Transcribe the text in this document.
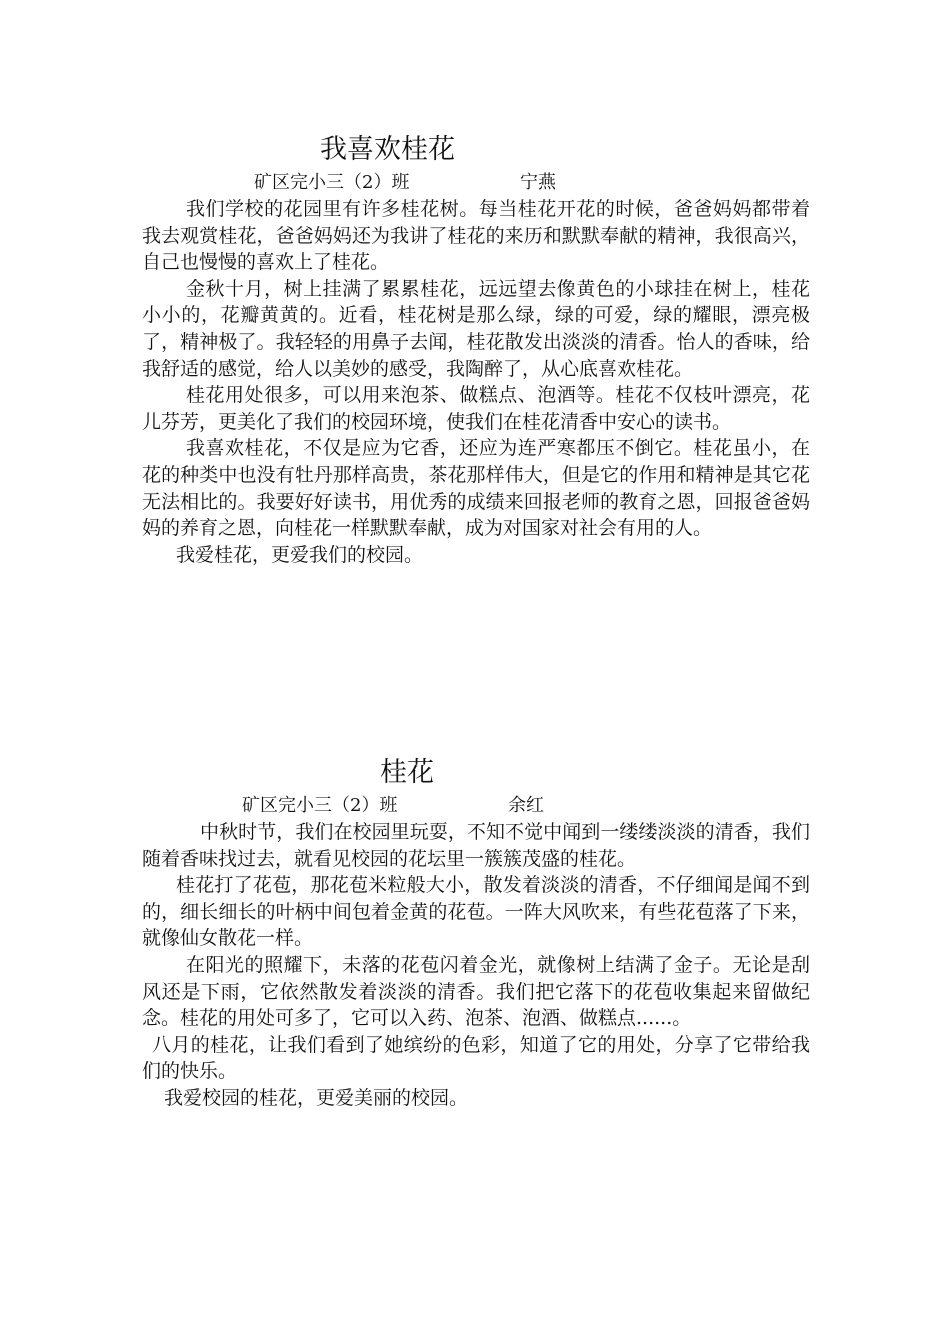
我喜欢桂花
矿区完小三（2）班	宁燕

我们学校的花园里有许多桂花树。每当桂花开花的时候，爸爸妈妈都带着我去观赏桂花，爸爸妈妈还为我讲了桂花的来历和默默奉献的精神，我很高兴，自己也慢慢的喜欢上了桂花。

金秋十月，树上挂满了累累桂花，远远望去像黄色的小球挂在树上，桂花小小的，花瓣黄黄的。近看，桂花树是那么绿，绿的可爱，绿的耀眼，漂亮极了，精神极了。我轻轻的用鼻子去闻，桂花散发出淡淡的清香。怡人的香味，给我舒适的感觉，给人以美妙的感受，我陶醉了，从心底喜欢桂花。

桂花用处很多，可以用来泡茶、做糕点、泡酒等。桂花不仅枝叶漂亮，花儿芬芳，更美化了我们的校园环境，使我们在桂花清香中安心的读书。

我喜欢桂花，不仅是应为它香，还应为连严寒都压不倒它。桂花虽小，在花的种类中也没有牡丹那样高贵，茶花那样伟大，但是它的作用和精神是其它花无法相比的。我要好好读书，用优秀的成绩来回报老师的教育之恩，回报爸爸妈妈的养育之恩，向桂花一样默默奉献，成为对国家对社会有用的人。

我爱桂花，更爱我们的校园。

桂花
矿区完小三（2）班	余红

中秋时节，我们在校园里玩耍，不知不觉中闻到一缕缕淡淡的清香，我们随着香味找过去，就看见校园的花坛里一簇簇茂盛的桂花。

桂花打了花苞，那花苞米粒般大小，散发着淡淡的清香，不仔细闻是闻不到的，细长细长的叶柄中间包着金黄的花苞。一阵大风吹来，有些花苞落了下来，就像仙女散花一样。

在阳光的照耀下，未落的花苞闪着金光，就像树上结满了金子。无论是刮风还是下雨，它依然散发着淡淡的清香。我们把它落下的花苞收集起来留做纪念。桂花的用处可多了，它可以入药、泡茶、泡酒、做糕点......。

八月的桂花，让我们看到了她缤纷的色彩，知道了它的用处，分享了它带给我们的快乐。

我爱校园的桂花，更爱美丽的校园。
